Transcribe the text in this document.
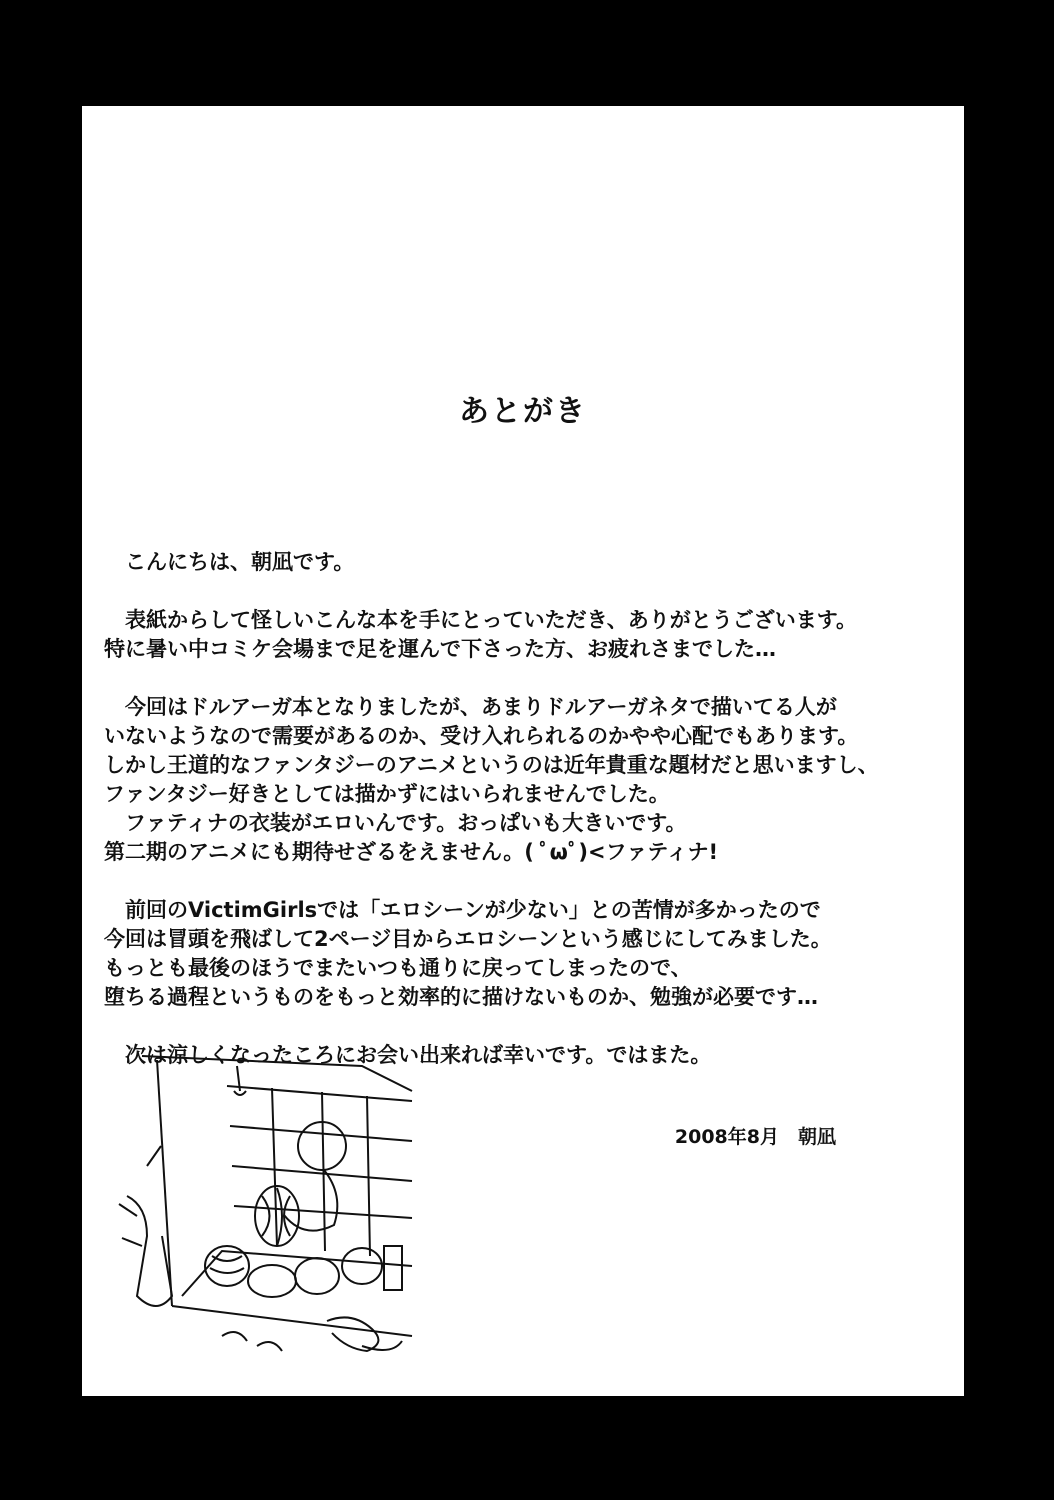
あとがき
こんにちは、朝凪です。
表紙からして怪しいこんな本を手にとっていただき、ありがとうございます。
特に暑い中コミケ会場まで足を運んで下さった方、お疲れさまでした…
今回はドルアーガ本となりましたが、あまりドルアーガネタで描いてる人が
いないようなので需要があるのか、受け入れられるのかやや心配でもあります。
しかし王道的なファンタジーのアニメというのは近年貴重な題材だと思いますし、
ファンタジー好きとしては描かずにはいられませんでした。
ファティナの衣装がエロいんです。おっぱいも大きいです。
第二期のアニメにも期待せざるをえません。( ﾟωﾟ)<ファティナ!
前回のVictimGirlsでは「エロシーンが少ない」との苦情が多かったので
今回は冒頭を飛ばして2ページ目からエロシーンという感じにしてみました。
もっとも最後のほうでまたいつも通りに戻ってしまったので、
堕ちる過程というものをもっと効率的に描けないものか、勉強が必要です…
次は涼しくなったころにお会い出来れば幸いです。ではまた。
2008年8月　朝凪
